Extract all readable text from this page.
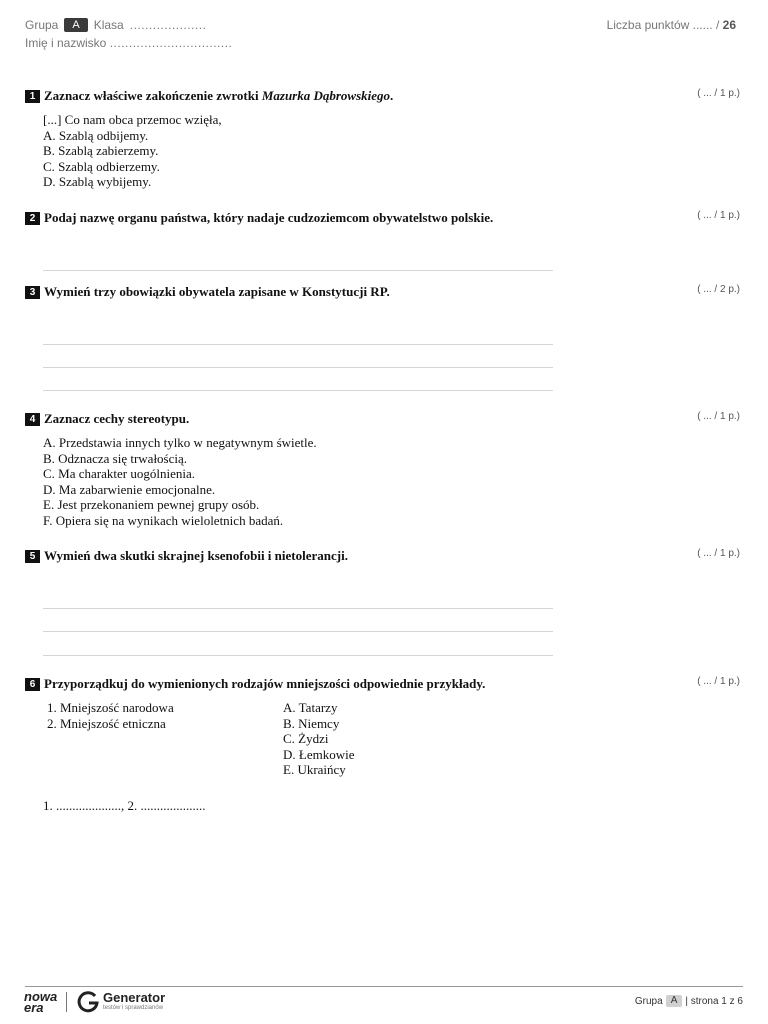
Grupa	A	Klasa ....................
Imię i nazwisko ................................
Liczba punktów ...... / 26
1 Zaznacz właściwe zakończenie zwrotki Mazurka Dąbrowskiego.	( ... / 1 p.)
[...] Co nam obca przemoc wzięła,
A. Szablą odbijemy.
B. Szablą zabierzemy.
C. Szablą odbierzemy.
D. Szablą wybijemy.
2 Podaj nazwę organu państwa, który nadaje cudzoziemcom obywatelstwo polskie.	( ... / 1 p.)
3 Wymień trzy obowiązki obywatela zapisane w Konstytucji RP.	( ... / 2 p.)
4 Zaznacz cechy stereotypu.	( ... / 1 p.)
A. Przedstawia innych tylko w negatywnym świetle.
B. Odznacza się trwałością.
C. Ma charakter uogólnienia.
D. Ma zabarwienie emocjonalne.
E. Jest przekonaniem pewnej grupy osób.
F. Opiera się na wynikach wieloletnich badań.
5 Wymień dwa skutki skrajnej ksenofobii i nietolerancji.	( ... / 1 p.)
6 Przyporządkuj do wymienionych rodzajów mniejszości odpowiednie przykłady.	( ... / 1 p.)
1. Mniejszość narodowa
2. Mniejszość etniczna
A. Tatarzy
B. Niemcy
C. Żydzi
D. Łemkowie
E. Ukraińcy
1. ...................., 2. ....................
nowa
era
Generator
testów i sprawdzianów
Grupa A | strona 1 z 6
